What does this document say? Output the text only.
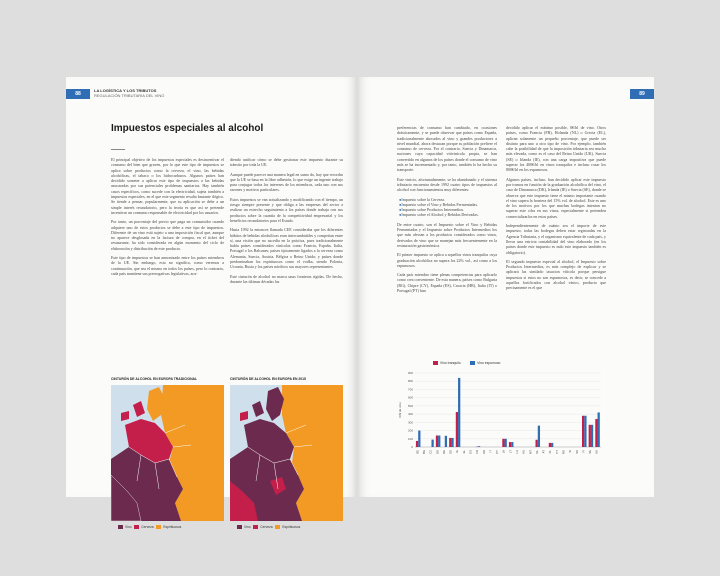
88
LA LOGÍSTICA Y LOS TRIBUTOS
REGULACIÓN TRIBUTARIA DEL VINO
Impuestos especiales al alcohol

El principal objetivo de los impuestos especiales es desincentivar el consumo del bien que graven, por lo que este tipo de impuestos se aplica sobre productos como la cerveza, el vino, las bebidas alcohólicas, el tabaco o los hidrocarburos. Algunos países han decidido someter a aplicar este tipo de impuestos a las bebidas azucaradas por sus potenciales problemas sanitarios. Hay también casos específicos, como sucede con la electricidad, sujeta también a impuestos especiales, en el que este segmento resulta bastante ilógico. Se tiende a pensar, popularmente, que su aplicación se debe a un simple interés recaudatorio, pero la teoría es que así se pretende incentivar un consumo responsable de electricidad por los usuarios.

Por tanto, un porcentaje del precio que paga un consumidor cuando adquiere uno de estos productos se debe a este tipo de impuestos. Diferente de un vino está sujeto a una imposición fiscal que, aunque no aparece desglosada en la factura de compra, en el ticket del restaurante, ha sido considerada en algún momento del ciclo de elaboración y distribución de este producto.

Este tipo de impuestos se han armonizado entre los países miembros de la UE. Sin embargo, esto no significa, como veremos a continuación, que sea el mismo en todos los países, pero lo contrario, cada país mantiene sus prerrogativas legislativas, acu-

diendo unificar cómo se debe gestionar este impuesto durante su tránsito por toda la UE.

Aunque puede parecer una manera legal en sumo do, hay que recordar que la UE se basa en la libre adhesión, lo que exige un ingente trabajo para conjugar todos los intereses de los miembros, cada uno con sus razones y motivos particulares.

Estos impuestos se van actualizando y modificando con el tiempo, un riesgo siempre presente y que obliga a las empresas del sector a realizar un estrecho seguimiento a los países donde trabaja con sus productos sobre la cuantía de la competitividad empresarial y los beneficios recaudatorios para el Estado.

Hasta 1992 la entonces llamada CEE consideraba que los diferentes hábitos de bebidas alcohólicas eran intercambiables y competían entre sí, una visión que no sucedía en la práctica, pues tradicionalmente había países considerados vinícolas como Francia, España, Italia, Portugal o los Balcanes; países típicamente ligados a la cerveza como Alemania, Suecia, Austria, Bélgica o Reino Unido; y países donde predominaban los espirituosos como el vodka, siendo Polonia, Ucrania, Rusia y los países nórdicos sus mayores representantes.

Este cinturón de alcohol no marca unas fronteras rígidas. De hecho, durante las últimas décadas las

CINTURÓN DE ALCOHOL EN EUROPA TRADICIONAL
Vino	Cerveza	Espirituosos
CINTURÓN DE ALCOHOL EN EUROPA EN 2015
Vino	Cerveza	Espirituosos
89

preferencias de consumo han cambiado, en ocasiones drásticamente, y se puede observar que países como España, tradicionalmente abocados al vino y grandes productores a nivel mundial, ahora destacan porque su población prefiere el consumo de cerveza. Por el contrario, Suecia y Dinamarca, naciones cuya capacidad vitivinícola propia, se han convertido en algunos de los países donde el consumo de vino más se ha incrementado y, por tanto, también lo ha hecho su transporte.

Este vinicio, afortunadamente, se ha abandonado y el sistema tributario encuentra desde 1992 cuatro tipos de impuestos al alcohol con funcionamientos muy diferentes:

●Impuesto sobre la Cerveza.
●Impuesto sobre el Vino y Bebidas Fermentadas.
●Impuesto sobre Productos Intermedios.
●Impuesto sobre el Alcohol y Bebidas Derivadas.

De entre cuatro, son el Impuesto sobre el Vino y Bebidas Fermentadas y el Impuesto sobre Productos Intermedios los que más afectan a los productos considerados como vinos, derivados de vino que se manejan más frecuentemente en la restauración gastronómica.

El primer impuesto se aplica a aquellos vinos tranquilos cuya graduación alcohólica no supera los 22% vol., así como a los espumosos.

Cada país miembro tiene plenas competencias para aplicarlo como crea conveniente. De esta manera, países como Bulgaria (BG), Chipre (CY), España (ES), Croacia (HR), Italia (IT) o Portugal (PT) han

decidido aplicar el mínimo posible, 0€/hl de vino. Otros países, como Francia (FR), Holanda (NL) o Grecia (EL), aplican solamente un pequeño porcentaje, que puede ser distinto para uno u otro tipo de vino. Por ejemplo, también cabe la posibilidad de que la imposición tributaria sea mucho más elevada, como es el caso del Reino Unido (UK), Suecia (SE) o Irlanda (IE), con una carga impositiva que puede superar los 400€/hl en vinos tranquilos e incluso rozar los 800€/hl en los espumosos.

Algunos países, incluso, han decidido aplicar este impuesto por tramos en función de la graduación alcohólica del vino, el caso de Dinamarca (DK), Irlanda (IE) o Suecia (SE), donde se observa que este impuesto tiene el mismo importante cuando el vino supera la frontera del 15% vol. de alcohol. Este es uno de los motivos por los que muchas bodegas intentan no superar este cifra en sus vinos, especialmente si pretenden comercializarlos en estos países.

Independientemente de cuánto sea el importe de este impuesto, todas las bodegas deben estar registradas en la Agencia Tributaria, y el organismo equivalente de cada país, y llevar una estricta contabilidad del vino elaborado (en los países donde este impuesto es nulo este impuesto también es obligatorio).

El segundo impuesto especial al alcohol, el Impuesto sobre Productos Intermedios, es más complejo de explicar y se aplicará las similado tasacion vitícola porque persigue impuestos si estos no son espumosos, es decir, se concede a aquellos fortificados con alcohol vínico, producto que precisamente es el que

Vino tranquilo	Vino espumoso
€/hl de vino
0
100
200
300
400
500
600
700
800
900
BE BG CZ DK DE EE IE EL ES FR HR IT CY LV LT LU HU MT NL AT PL PT RO SI SK FI SE UK
